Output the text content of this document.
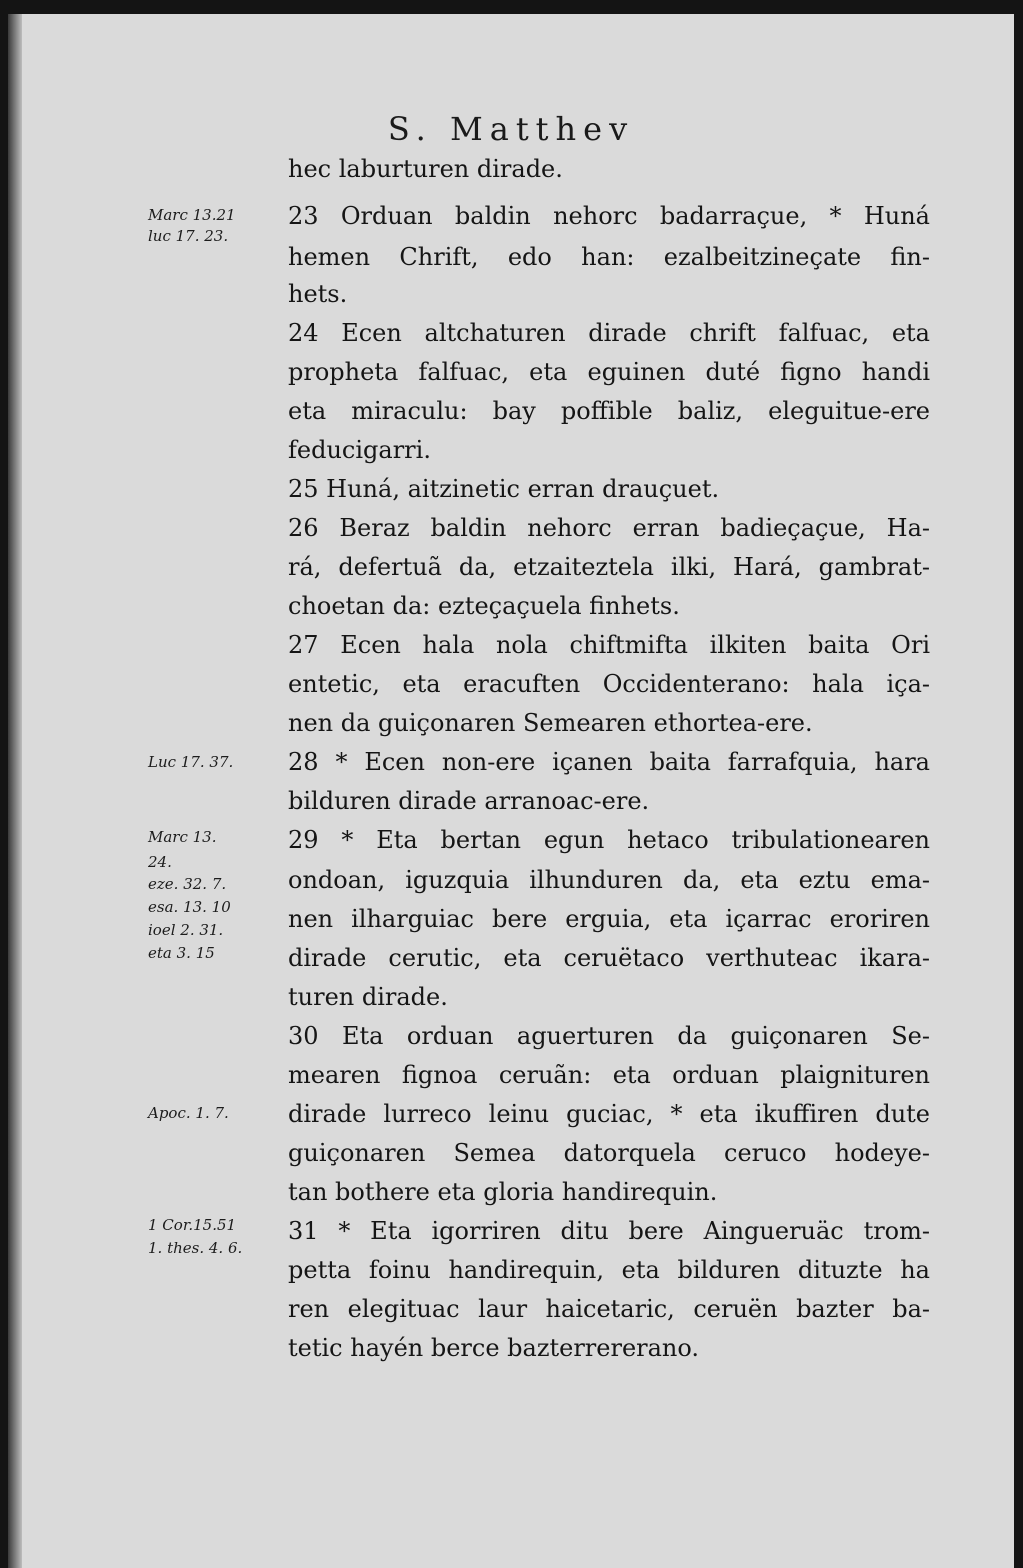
S. Matthev
Marc 13.21
luc 17. 23.
Luc 17. 37.
Marc 13.
24.
eze. 32. 7.
esa. 13. 10
ioel 2. 31.
eta 3. 15
Apoc. 1. 7.
1 Cor.15.51
1. thes. 4. 6.
hec laburturen dirade.
23 Orduan baldin nehorc badarraçue, * Huná
hemen Chrift, edo han: ezalbeitzineçate fin-
hets.
24 Ecen altchaturen dirade chrift falfuac, eta
propheta falfuac, eta eguinen duté figno handi
eta miraculu: bay poffible baliz, eleguitue-ere
feducigarri.
25 Huná, aitzinetic erran drauçuet.
26 Beraz baldin nehorc erran badieçaçue, Ha-
rá, defertuã da, etzaiteztela ilki, Hará, gambrat-
choetan da: ezteçaçuela finhets.
27 Ecen hala nola chiftmifta ilkiten baita Ori
entetic, eta eracuften Occidenterano: hala iça-
nen da guiçonaren Semearen ethortea-ere.
28 * Ecen non-ere içanen baita farrafquia, hara
bilduren dirade arranoac-ere.
29 * Eta bertan egun hetaco tribulationearen
ondoan, iguzquia ilhunduren da, eta eztu ema-
nen ilharguiac bere erguia, eta içarrac eroriren
dirade cerutic, eta ceruëtaco verthuteac ikara-
turen dirade.
30 Eta orduan aguerturen da guiçonaren Se-
mearen fignoa ceruãn: eta orduan plaignituren
dirade lurreco leinu guciac, * eta ikuffiren dute
guiçonaren Semea datorquela ceruco hodeye-
tan bothere eta gloria handirequin.
31 * Eta igorriren ditu bere Aingueruäc trom-
petta foinu handirequin, eta bilduren dituzte ha
ren elegituac laur haicetaric, ceruën bazter ba-
tetic hayén berce bazterrererano.
